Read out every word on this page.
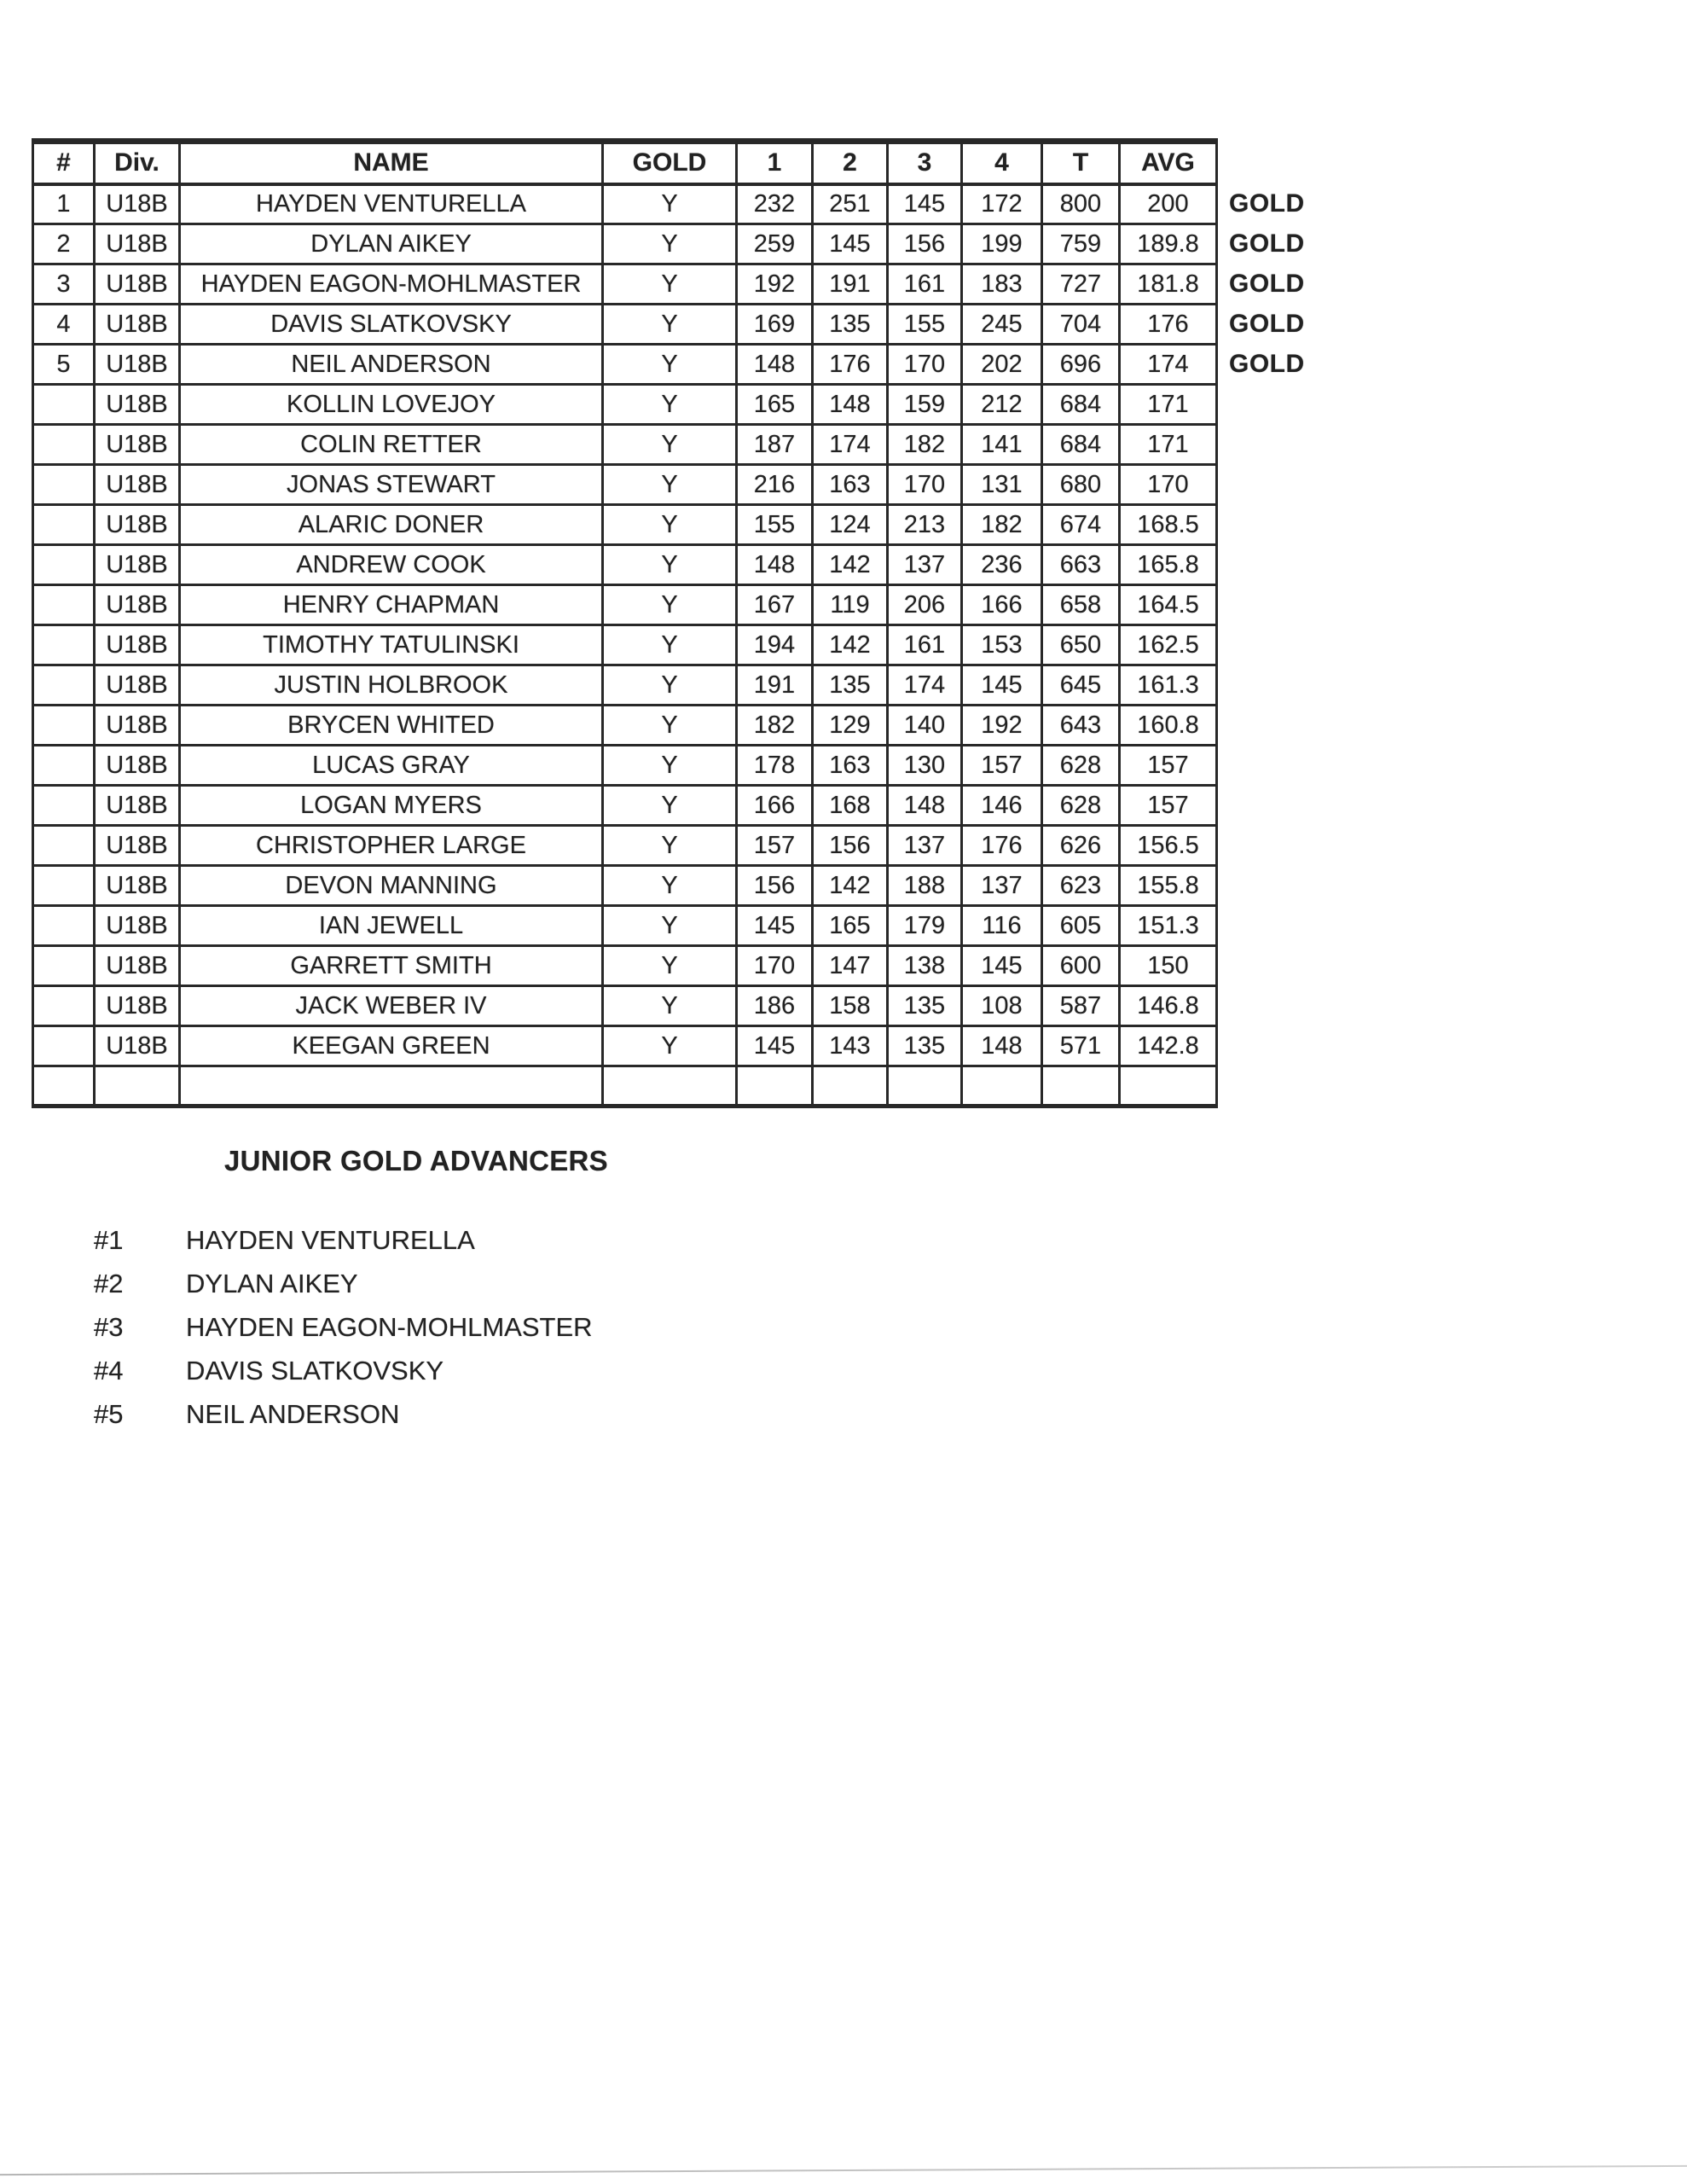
#	Div.	NAME	GOLD	1	2	3	4	T	AVG	
1	U18B	HAYDEN VENTURELLA	Y	232	251	145	172	800	200	GOLD
2	U18B	DYLAN AIKEY	Y	259	145	156	199	759	189.8	GOLD
3	U18B	HAYDEN EAGON-MOHLMASTER	Y	192	191	161	183	727	181.8	GOLD
4	U18B	DAVIS SLATKOVSKY	Y	169	135	155	245	704	176	GOLD
5	U18B	NEIL ANDERSON	Y	148	176	170	202	696	174	GOLD
	U18B	KOLLIN LOVEJOY	Y	165	148	159	212	684	171	
	U18B	COLIN RETTER	Y	187	174	182	141	684	171	
	U18B	JONAS STEWART	Y	216	163	170	131	680	170	
	U18B	ALARIC DONER	Y	155	124	213	182	674	168.5	
	U18B	ANDREW COOK	Y	148	142	137	236	663	165.8	
	U18B	HENRY CHAPMAN	Y	167	119	206	166	658	164.5	
	U18B	TIMOTHY TATULINSKI	Y	194	142	161	153	650	162.5	
	U18B	JUSTIN HOLBROOK	Y	191	135	174	145	645	161.3	
	U18B	BRYCEN WHITED	Y	182	129	140	192	643	160.8	
	U18B	LUCAS GRAY	Y	178	163	130	157	628	157	
	U18B	LOGAN MYERS	Y	166	168	148	146	628	157	
	U18B	CHRISTOPHER LARGE	Y	157	156	137	176	626	156.5	
	U18B	DEVON MANNING	Y	156	142	188	137	623	155.8	
	U18B	IAN JEWELL	Y	145	165	179	116	605	151.3	
	U18B	GARRETT SMITH	Y	170	147	138	145	600	150	
	U18B	JACK WEBER IV	Y	186	158	135	108	587	146.8	
	U18B	KEEGAN GREEN	Y	145	143	135	148	571	142.8	

JUNIOR GOLD ADVANCERS
#1 HAYDEN VENTURELLA
#2 DYLAN AIKEY
#3 HAYDEN EAGON-MOHLMASTER
#4 DAVIS SLATKOVSKY
#5 NEIL ANDERSON
